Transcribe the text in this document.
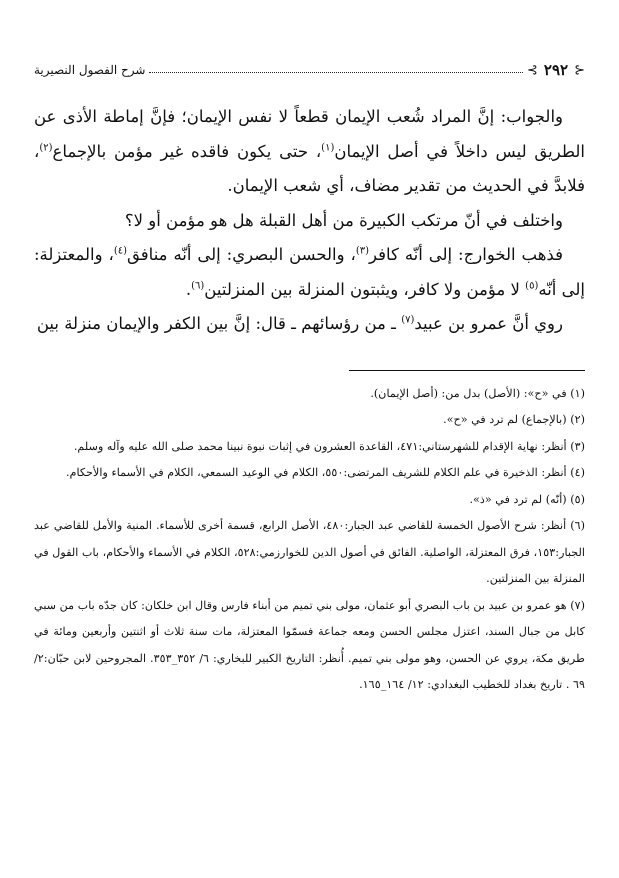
⊰
٢٩٢
⊱
شرح الفصول النصيرية

والجواب: إنَّ المراد شُعب الإيمان قطعاً لا نفس الإيمان؛ فإنَّ إماطة الأذى عن الطريق ليس داخلاً في أصل الإيمان$^{(١)}$، حتى يكون فاقده غير مؤمن بالإجماع$^{(٢)}$، فلابدَّ في الحديث من تقدير مضاف، أي شعب الإيمان.

واختلف في أنّ مرتكب الكبيرة من أهل القبلة هل هو مؤمن أو لا؟

فذهب الخوارج: إلى أنّه كافر$^{(٣)}$، والحسن البصري: إلى أنّه منافق$^{(٤)}$، والمعتزلة: إلى أنّه$^{(٥)}$ لا مؤمن ولا كافر، ويثبتون المنزلة بين المنزلتين$^{(٦)}$.

روي أنَّ عمرو بن عبيد$^{(٧)}$ ـ من رؤسائهم ـ قال: إنَّ بين الكفر والإيمان منزلة بين

(١) في «ح»: (الأصل) بدل من: (أصل الإيمان).

(٢) (بالإجماع) لم ترد في «ح».

(٣) أنظر: نهاية الإقدام للشهرستاني:٤٧١، القاعدة العشرون في إثبات نبوة نبينا محمد صلى الله عليه وآله وسلم.

(٤) أنظر: الذخيرة في علم الكلام للشريف المرتضى:٥٥٠، الكلام في الوعيد السمعي، الكلام في الأسماء والأحكام.

(٥) (أنّه) لم ترد في «ذ».

(٦) أنظر: شرح الأصول الخمسة للقاضي عبد الجبار:٤٨٠، الأصل الرابع، قسمة أخرى للأسماء. المنية والأمل للقاضي عبد الجبار:١٥٣، فرق المعتزلة، الواصلية. الفائق في أصول الدين للخوارزمي:٥٢٨، الكلام في الأسماء والأحكام، باب القول في المنزلة بين المنزلتين.

(٧) هو عمرو بن عبيد بن باب البصري أبو عثمان، مولى بني تميم من أبناء فارس وقال ابن خلكان: كان جدّه باب من سبي كابل من جبال السند، اعتزل مجلس الحسن ومعه جماعة فسمّوا المعتزلة، مات سنة ثلاث أو اثنتين وأربعين ومائة في طريق مكة، يروي عن الحسن، وهو مولى بني تميم. أُنظر: التاريخ الكبير للبخاري: ٦/ ٣٥٢_٣٥٣. المجروحين لابن حبّان:٢/ ٦٩ . تاريخ بغداد للخطيب البغدادي: ١٢/ ١٦٤_١٦٥.
